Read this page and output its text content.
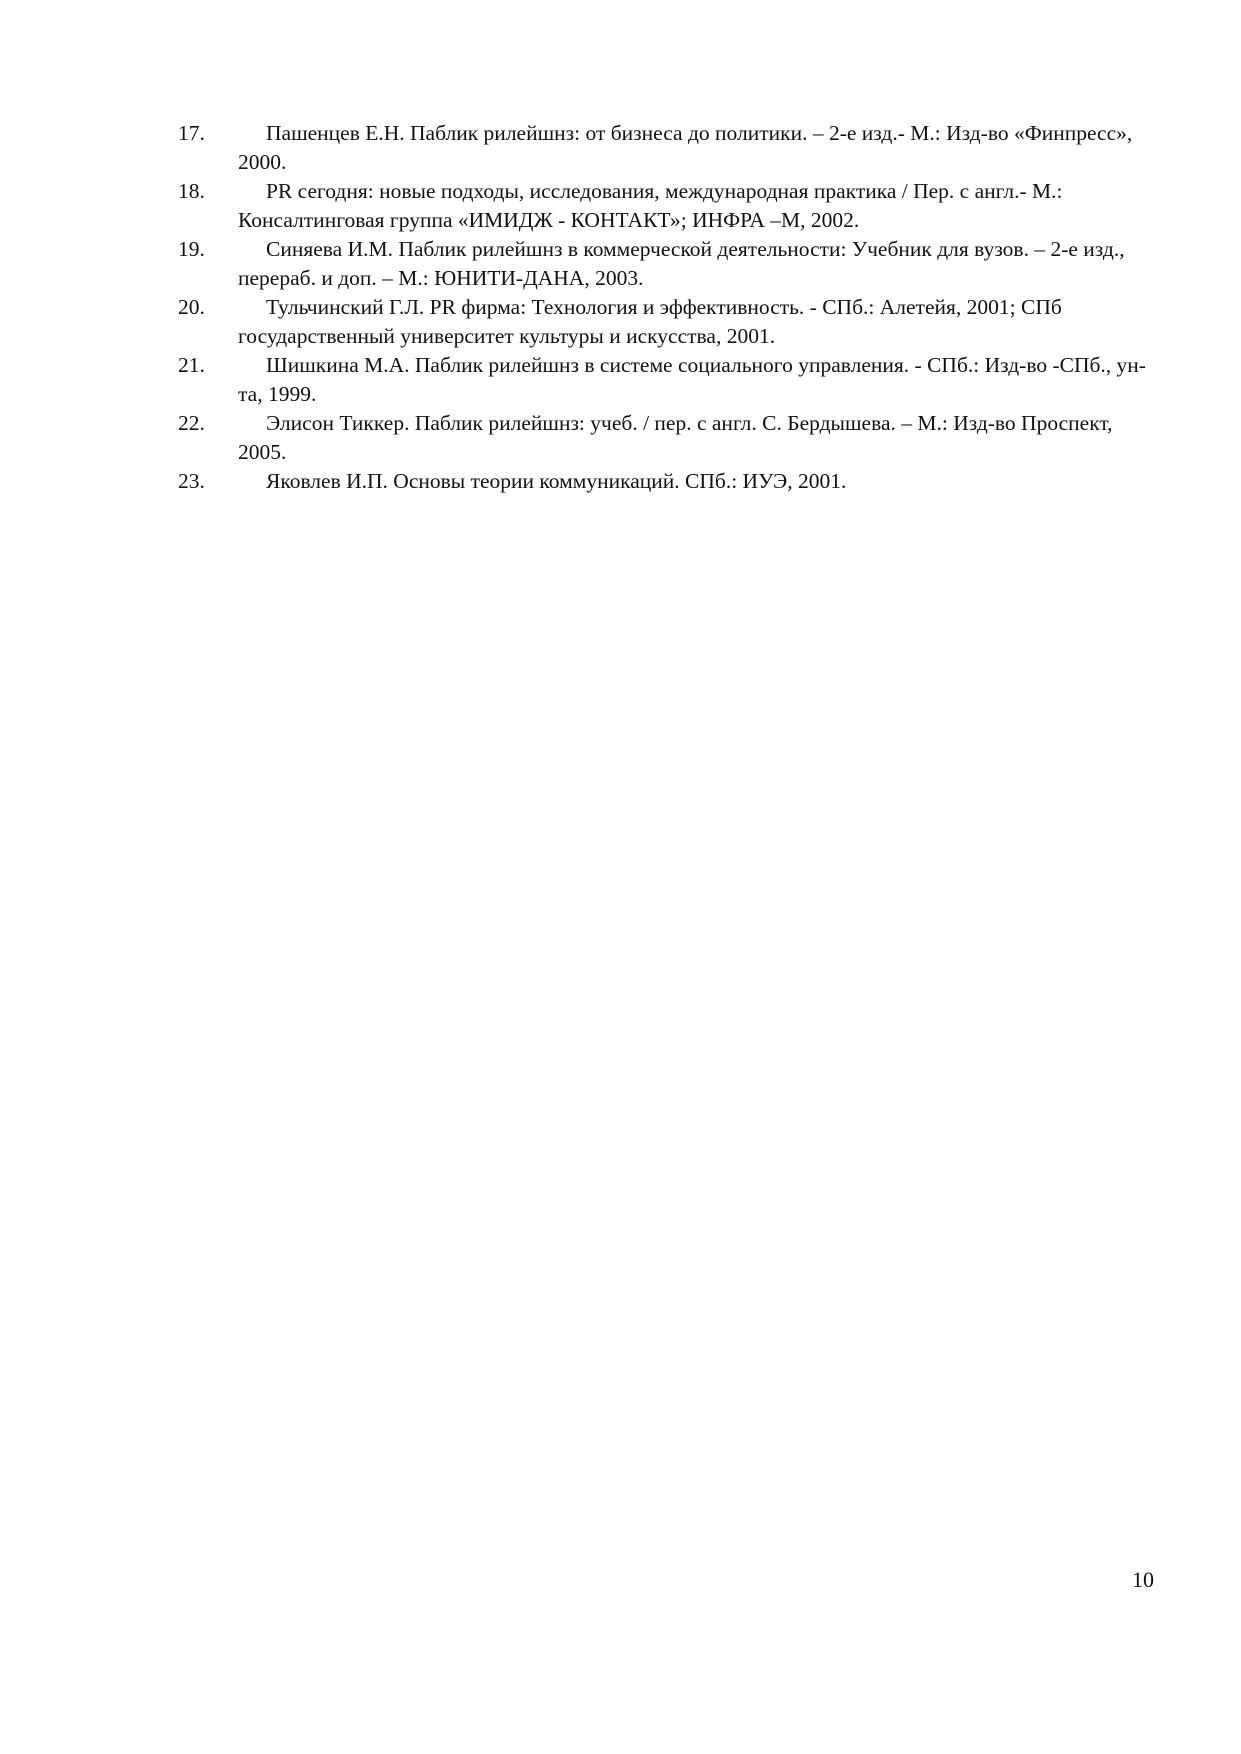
17.	Пашенцев Е.Н. Паблик рилейшнз: от бизнеса до политики. – 2-е изд.- М.: Изд-во «Финпресс», 2000.
18.	PR сегодня: новые подходы, исследования, международная практика / Пер. с англ.- М.: Консалтинговая группа «ИМИДЖ - КОНТАКТ»; ИНФРА –М, 2002.
19.	Синяева И.М. Паблик рилейшнз в коммерческой деятельности: Учебник для вузов. – 2-е изд., перераб. и доп. – М.: ЮНИТИ-ДАНА, 2003.
20.	Тульчинский Г.Л. PR фирма: Технология и эффективность. - СПб.: Алетейя, 2001; СПб государственный университет культуры и искусства, 2001.
21.	Шишкина М.А. Паблик рилейшнз в системе социального управления. - СПб.: Изд-во -СПб., ун-та, 1999.
22.	Элисон Тиккер. Паблик рилейшнз: учеб. / пер. с англ. С. Бердышева. – М.: Изд-во Проспект, 2005.
23.	Яковлев И.П. Основы теории коммуникаций. СПб.: ИУЭ, 2001.
10
